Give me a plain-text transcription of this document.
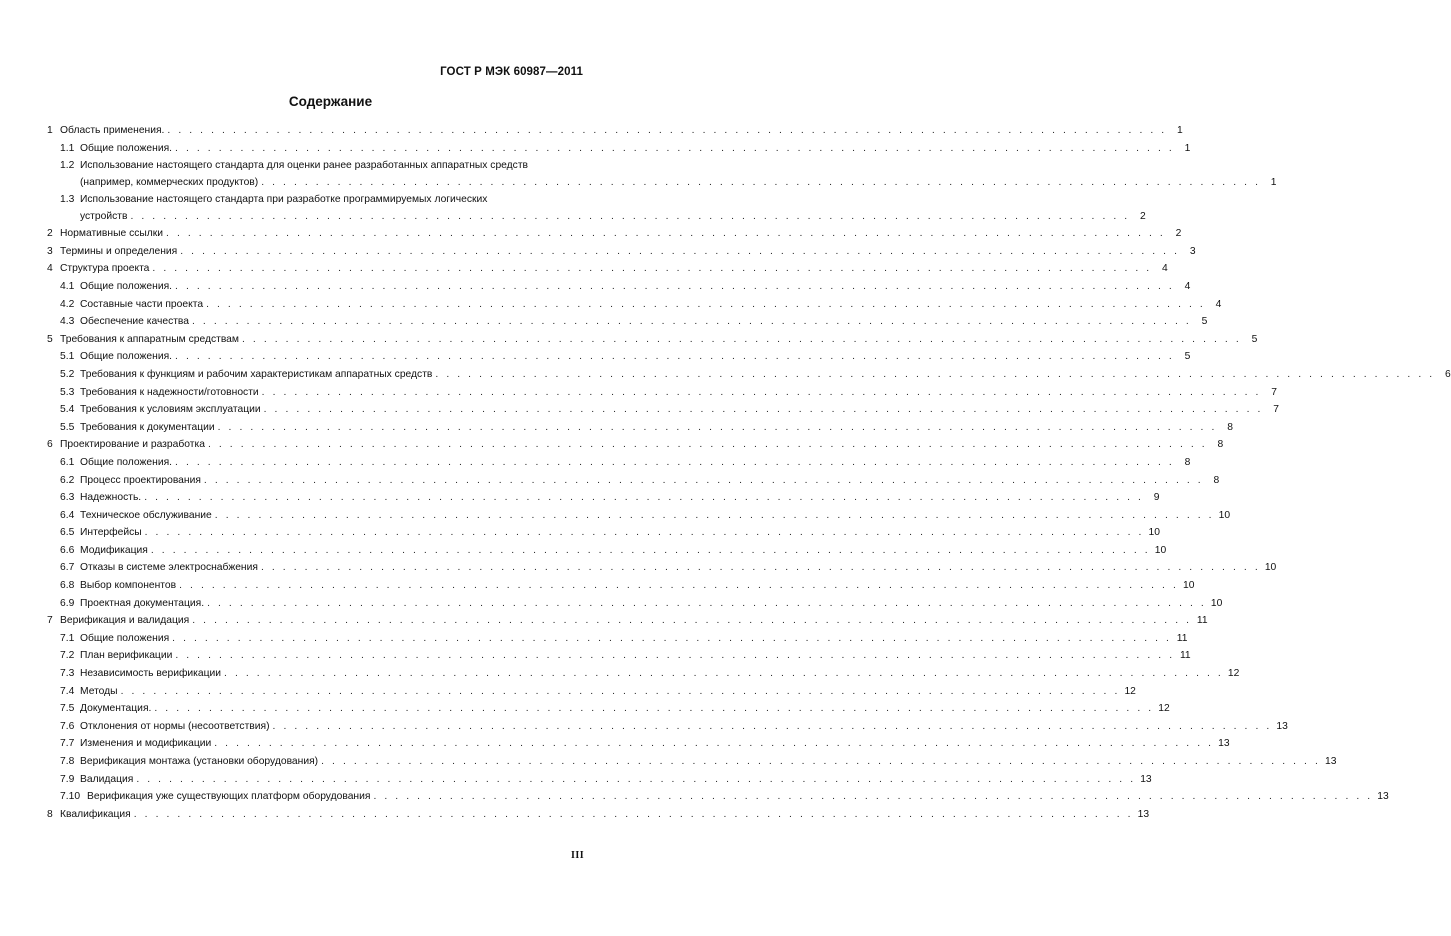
ГОСТ Р МЭК 60987—2011
Содержание
1 Область применения. . . . . . . . . . . . . . . . . . . . . . . . . . . . . . . . . . . . . . . . . . . . . . . . . . . . . . . . . . . . . . . . . . . . . . . . . . . . . . . . . . . . . . . . . . . . . 1
1.1 Общие положения. . . . . . . . . . . . . . . . . . . . . . . . . . . . . . . . . . . . . . . . . . . . . . . . . . . . . . . . . . . . . . . . . . . . . . . . . . . . . . . . . . . . . . . . . . . . . 1
1.2 Использование настоящего стандарта для оценки ранее разработанных аппаратных средств
(например, коммерческих продуктов) . . . . . . . . . . . . . . . . . . . . . . . . . . . . . . . . . . . . . . . . . . . . . . . . . . . . . . . . . . . . . . . . . . . . . . . . . . . . . . . . . . . . . . . . . . . . 1
1.3 Использование настоящего стандарта при разработке программируемых логических
устройств . . . . . . . . . . . . . . . . . . . . . . . . . . . . . . . . . . . . . . . . . . . . . . . . . . . . . . . . . . . . . . . . . . . . . . . . . . . . . . . . . . . . . . . . . . . . 2
2 Нормативные ссылки . . . . . . . . . . . . . . . . . . . . . . . . . . . . . . . . . . . . . . . . . . . . . . . . . . . . . . . . . . . . . . . . . . . . . . . . . . . . . . . . . . . . . . . . . . . . 2
3 Термины и определения . . . . . . . . . . . . . . . . . . . . . . . . . . . . . . . . . . . . . . . . . . . . . . . . . . . . . . . . . . . . . . . . . . . . . . . . . . . . . . . . . . . . . . . . . . . . 3
4 Структура проекта . . . . . . . . . . . . . . . . . . . . . . . . . . . . . . . . . . . . . . . . . . . . . . . . . . . . . . . . . . . . . . . . . . . . . . . . . . . . . . . . . . . . . . . . . . . . 4
4.1 Общие положения. . . . . . . . . . . . . . . . . . . . . . . . . . . . . . . . . . . . . . . . . . . . . . . . . . . . . . . . . . . . . . . . . . . . . . . . . . . . . . . . . . . . . . . . . . . . . 4
4.2 Составные части проекта . . . . . . . . . . . . . . . . . . . . . . . . . . . . . . . . . . . . . . . . . . . . . . . . . . . . . . . . . . . . . . . . . . . . . . . . . . . . . . . . . . . . . . . . . . . . 4
4.3 Обеспечение качества . . . . . . . . . . . . . . . . . . . . . . . . . . . . . . . . . . . . . . . . . . . . . . . . . . . . . . . . . . . . . . . . . . . . . . . . . . . . . . . . . . . . . . . . . . . . 5
5 Требования к аппаратным средствам . . . . . . . . . . . . . . . . . . . . . . . . . . . . . . . . . . . . . . . . . . . . . . . . . . . . . . . . . . . . . . . . . . . . . . . . . . . . . . . . . . . . . . . . . . . . 5
5.1 Общие положения. . . . . . . . . . . . . . . . . . . . . . . . . . . . . . . . . . . . . . . . . . . . . . . . . . . . . . . . . . . . . . . . . . . . . . . . . . . . . . . . . . . . . . . . . . . . . 5
5.2 Требования к функциям и рабочим характеристикам аппаратных средств . . . . . . . . . . . . . . . . . . . . . . . . . . . . . . . . . . . . . . . . . . . . . . . . . . . . . . . . . . . . . . . . . . . . . . . . . . . . . . . . . . . . . . . . . . . . 6
5.3 Требования к надежности/готовности . . . . . . . . . . . . . . . . . . . . . . . . . . . . . . . . . . . . . . . . . . . . . . . . . . . . . . . . . . . . . . . . . . . . . . . . . . . . . . . . . . . . . . . . . . . . 7
5.4 Требования к условиям эксплуатации . . . . . . . . . . . . . . . . . . . . . . . . . . . . . . . . . . . . . . . . . . . . . . . . . . . . . . . . . . . . . . . . . . . . . . . . . . . . . . . . . . . . . . . . . . . . 7
5.5 Требования к документации . . . . . . . . . . . . . . . . . . . . . . . . . . . . . . . . . . . . . . . . . . . . . . . . . . . . . . . . . . . . . . . . . . . . . . . . . . . . . . . . . . . . . . . . . . . . 8
6 Проектирование и разработка . . . . . . . . . . . . . . . . . . . . . . . . . . . . . . . . . . . . . . . . . . . . . . . . . . . . . . . . . . . . . . . . . . . . . . . . . . . . . . . . . . . . . . . . . . . . 8
6.1 Общие положения. . . . . . . . . . . . . . . . . . . . . . . . . . . . . . . . . . . . . . . . . . . . . . . . . . . . . . . . . . . . . . . . . . . . . . . . . . . . . . . . . . . . . . . . . . . . . 8
6.2 Процесс проектирования . . . . . . . . . . . . . . . . . . . . . . . . . . . . . . . . . . . . . . . . . . . . . . . . . . . . . . . . . . . . . . . . . . . . . . . . . . . . . . . . . . . . . . . . . . . . 8
6.3 Надежность. . . . . . . . . . . . . . . . . . . . . . . . . . . . . . . . . . . . . . . . . . . . . . . . . . . . . . . . . . . . . . . . . . . . . . . . . . . . . . . . . . . . . . . . . . . . . 9
6.4 Техническое обслуживание . . . . . . . . . . . . . . . . . . . . . . . . . . . . . . . . . . . . . . . . . . . . . . . . . . . . . . . . . . . . . . . . . . . . . . . . . . . . . . . . . . . . . . . . . . . . 10
6.5 Интерфейсы . . . . . . . . . . . . . . . . . . . . . . . . . . . . . . . . . . . . . . . . . . . . . . . . . . . . . . . . . . . . . . . . . . . . . . . . . . . . . . . . . . . . . . . . . . . . 10
6.6 Модификация . . . . . . . . . . . . . . . . . . . . . . . . . . . . . . . . . . . . . . . . . . . . . . . . . . . . . . . . . . . . . . . . . . . . . . . . . . . . . . . . . . . . . . . . . . . . 10
6.7 Отказы в системе электроснабжения . . . . . . . . . . . . . . . . . . . . . . . . . . . . . . . . . . . . . . . . . . . . . . . . . . . . . . . . . . . . . . . . . . . . . . . . . . . . . . . . . . . . . . . . . . . . 10
6.8 Выбор компонентов . . . . . . . . . . . . . . . . . . . . . . . . . . . . . . . . . . . . . . . . . . . . . . . . . . . . . . . . . . . . . . . . . . . . . . . . . . . . . . . . . . . . . . . . . . . . 10
6.9 Проектная документация. . . . . . . . . . . . . . . . . . . . . . . . . . . . . . . . . . . . . . . . . . . . . . . . . . . . . . . . . . . . . . . . . . . . . . . . . . . . . . . . . . . . . . . . . . . . . 10
7 Верификация и валидация . . . . . . . . . . . . . . . . . . . . . . . . . . . . . . . . . . . . . . . . . . . . . . . . . . . . . . . . . . . . . . . . . . . . . . . . . . . . . . . . . . . . . . . . . . . . 11
7.1 Общие положения . . . . . . . . . . . . . . . . . . . . . . . . . . . . . . . . . . . . . . . . . . . . . . . . . . . . . . . . . . . . . . . . . . . . . . . . . . . . . . . . . . . . . . . . . . . . 11
7.2 План верификации . . . . . . . . . . . . . . . . . . . . . . . . . . . . . . . . . . . . . . . . . . . . . . . . . . . . . . . . . . . . . . . . . . . . . . . . . . . . . . . . . . . . . . . . . . . . 11
7.3 Независимость верификации . . . . . . . . . . . . . . . . . . . . . . . . . . . . . . . . . . . . . . . . . . . . . . . . . . . . . . . . . . . . . . . . . . . . . . . . . . . . . . . . . . . . . . . . . . . . 12
7.4 Методы . . . . . . . . . . . . . . . . . . . . . . . . . . . . . . . . . . . . . . . . . . . . . . . . . . . . . . . . . . . . . . . . . . . . . . . . . . . . . . . . . . . . . . . . . . . . 12
7.5 Документация. . . . . . . . . . . . . . . . . . . . . . . . . . . . . . . . . . . . . . . . . . . . . . . . . . . . . . . . . . . . . . . . . . . . . . . . . . . . . . . . . . . . . . . . . . . . . 12
7.6 Отклонения от нормы (несоответствия) . . . . . . . . . . . . . . . . . . . . . . . . . . . . . . . . . . . . . . . . . . . . . . . . . . . . . . . . . . . . . . . . . . . . . . . . . . . . . . . . . . . . . . . . . . . . 13
7.7 Изменения и модификации . . . . . . . . . . . . . . . . . . . . . . . . . . . . . . . . . . . . . . . . . . . . . . . . . . . . . . . . . . . . . . . . . . . . . . . . . . . . . . . . . . . . . . . . . . . . 13
7.8 Верификация монтажа (установки оборудования) . . . . . . . . . . . . . . . . . . . . . . . . . . . . . . . . . . . . . . . . . . . . . . . . . . . . . . . . . . . . . . . . . . . . . . . . . . . . . . . . . . . . . . . . . . . . 13
7.9 Валидация . . . . . . . . . . . . . . . . . . . . . . . . . . . . . . . . . . . . . . . . . . . . . . . . . . . . . . . . . . . . . . . . . . . . . . . . . . . . . . . . . . . . . . . . . . . . 13
7.10 Верификация уже существующих платформ оборудования . . . . . . . . . . . . . . . . . . . . . . . . . . . . . . . . . . . . . . . . . . . . . . . . . . . . . . . . . . . . . . . . . . . . . . . . . . . . . . . . . . . . . . . . . . . . 13
8 Квалификация . . . . . . . . . . . . . . . . . . . . . . . . . . . . . . . . . . . . . . . . . . . . . . . . . . . . . . . . . . . . . . . . . . . . . . . . . . . . . . . . . . . . . . . . . . . . 13
III
